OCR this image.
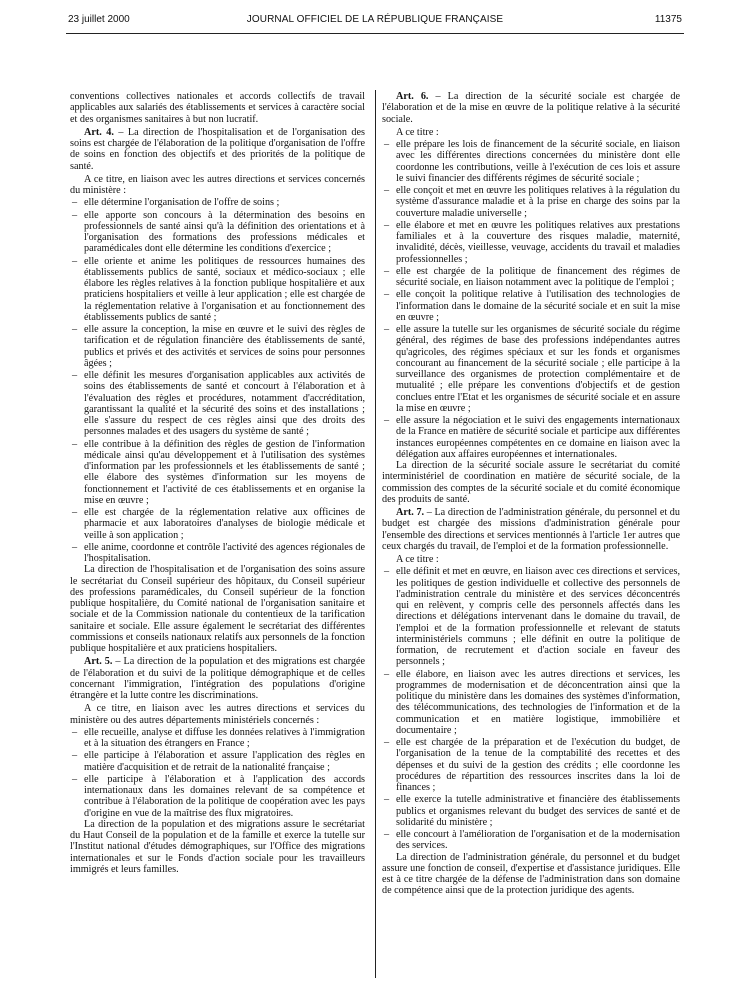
23 juillet 2000	JOURNAL OFFICIEL DE LA RÉPUBLIQUE FRANÇAISE	11375

conventions collectives nationales et accords collectifs de travail applicables aux salariés des établissements et services à caractère social et des organismes sanitaires à but non lucratif.

Art. 4. – La direction de l'hospitalisation et de l'organisation des soins est chargée de l'élaboration de la politique d'organisation de l'offre de soins en fonction des objectifs et des priorités de la politique de santé.

A ce titre, en liaison avec les autres directions et services concernés du ministère :

– elle détermine l'organisation de l'offre de soins ;
– elle apporte son concours à la détermination des besoins en professionnels de santé ainsi qu'à la définition des orientations et à l'organisation des formations des professions médicales et paramédicales dont elle détermine les conditions d'exercice ;
– elle oriente et anime les politiques de ressources humaines des établissements publics de santé, sociaux et médico-sociaux ; elle élabore les règles relatives à la fonction publique hospitalière et aux praticiens hospitaliers et veille à leur application ; elle est chargée de la réglementation relative à l'organisation et au fonctionnement des établissements publics de santé ;
– elle assure la conception, la mise en œuvre et le suivi des règles de tarification et de régulation financière des établissements de santé, publics et privés et des activités et services de soins pour personnes âgées ;
– elle définit les mesures d'organisation applicables aux activités de soins des établissements de santé et concourt à l'élaboration et à l'évaluation des règles et procédures, notamment d'accréditation, garantissant la qualité et la sécurité des soins et des installations ; elle s'assure du respect de ces règles ainsi que des droits des personnes malades et des usagers du système de santé ;
– elle contribue à la définition des règles de gestion de l'information médicale ainsi qu'au développement et à l'utilisation des systèmes d'information par les professionnels et les établissements de santé ; elle élabore des systèmes d'information sur les moyens de fonctionnement et l'activité de ces établissements et en organise la mise en œuvre ;
– elle est chargée de la réglementation relative aux officines de pharmacie et aux laboratoires d'analyses de biologie médicale et veille à son application ;
– elle anime, coordonne et contrôle l'activité des agences régionales de l'hospitalisation.

La direction de l'hospitalisation et de l'organisation des soins assure le secrétariat du Conseil supérieur des hôpitaux, du Conseil supérieur des professions paramédicales, du Conseil supérieur de la fonction publique hospitalière, du Comité national de l'organisation sanitaire et sociale et de la Commission nationale du contentieux de la tarification sanitaire et sociale. Elle assure également le secrétariat des différentes commissions et conseils nationaux relatifs aux personnels de la fonction publique hospitalière et aux praticiens hospitaliers.

Art. 5. – La direction de la population et des migrations est chargée de l'élaboration et du suivi de la politique démographique et de celles concernant l'immigration, l'intégration des populations d'origine étrangère et la lutte contre les discriminations.

A ce titre, en liaison avec les autres directions et services du ministère ou des autres départements ministériels concernés :

– elle recueille, analyse et diffuse les données relatives à l'immigration et à la situation des étrangers en France ;
– elle participe à l'élaboration et assure l'application des règles en matière d'acquisition et de retrait de la nationalité française ;
– elle participe à l'élaboration et à l'application des accords internationaux dans les domaines relevant de sa compétence et contribue à l'élaboration de la politique de coopération avec les pays d'origine en vue de la maîtrise des flux migratoires.

La direction de la population et des migrations assure le secrétariat du Haut Conseil de la population et de la famille et exerce la tutelle sur l'Institut national d'études démographiques, sur l'Office des migrations internationales et sur le Fonds d'action sociale pour les travailleurs immigrés et leurs familles.

Art. 6. – La direction de la sécurité sociale est chargée de l'élaboration et de la mise en œuvre de la politique relative à la sécurité sociale.

A ce titre :

– elle prépare les lois de financement de la sécurité sociale, en liaison avec les différentes directions concernées du ministère dont elle coordonne les contributions, veille à l'exécution de ces lois et assure le suivi financier des différents régimes de sécurité sociale ;
– elle conçoit et met en œuvre les politiques relatives à la régulation du système d'assurance maladie et à la prise en charge des soins par la couverture maladie universelle ;
– elle élabore et met en œuvre les politiques relatives aux prestations familiales et à la couverture des risques maladie, maternité, invalidité, décès, vieillesse, veuvage, accidents du travail et maladies professionnelles ;
– elle est chargée de la politique de financement des régimes de sécurité sociale, en liaison notamment avec la politique de l'emploi ;
– elle conçoit la politique relative à l'utilisation des technologies de l'information dans le domaine de la sécurité sociale et en suit la mise en œuvre ;
– elle assure la tutelle sur les organismes de sécurité sociale du régime général, des régimes de base des professions indépendantes autres qu'agricoles, des régimes spéciaux et sur les fonds et organismes concourant au financement de la sécurité sociale ; elle participe à la surveillance des organismes de protection complémentaire et de mutualité ; elle prépare les conventions d'objectifs et de gestion conclues entre l'Etat et les organismes de sécurité sociale et en assure la mise en œuvre ;
– elle assure la négociation et le suivi des engagements internationaux de la France en matière de sécurité sociale et participe aux différentes instances européennes compétentes en ce domaine en liaison avec la délégation aux affaires européennes et internationales.

La direction de la sécurité sociale assure le secrétariat du comité interministériel de coordination en matière de sécurité sociale, de la commission des comptes de la sécurité sociale et du comité économique des produits de santé.

Art. 7. – La direction de l'administration générale, du personnel et du budget est chargée des missions d'administration générale pour l'ensemble des directions et services mentionnés à l'article 1er autres que ceux chargés du travail, de l'emploi et de la formation professionnelle.

A ce titre :

– elle définit et met en œuvre, en liaison avec ces directions et services, les politiques de gestion individuelle et collective des personnels de l'administration centrale du ministère et des services déconcentrés qui en relèvent, y compris celle des personnels affectés dans les directions et délégations intervenant dans le domaine du travail, de l'emploi et de la formation professionnelle et relevant de statuts interministériels communs ; elle définit en outre la politique de formation, de recrutement et d'action sociale en faveur des personnels ;
– elle élabore, en liaison avec les autres directions et services, les programmes de modernisation et de déconcentration ainsi que la politique du ministère dans les domaines des systèmes d'information, des télécommunications, des technologies de l'information et de la communication et en matière logistique, immobilière et documentaire ;
– elle est chargée de la préparation et de l'exécution du budget, de l'organisation de la tenue de la comptabilité des recettes et des dépenses et du suivi de la gestion des crédits ; elle coordonne les procédures de répartition des ressources inscrites dans la loi de finances ;
– elle exerce la tutelle administrative et financière des établissements publics et organismes relevant du budget des services de santé et de solidarité du ministère ;
– elle concourt à l'amélioration de l'organisation et de la modernisation des services.

La direction de l'administration générale, du personnel et du budget assure une fonction de conseil, d'expertise et d'assistance juridiques. Elle est à ce titre chargée de la défense de l'administration dans son domaine de compétence ainsi que de la protection juridique des agents.
